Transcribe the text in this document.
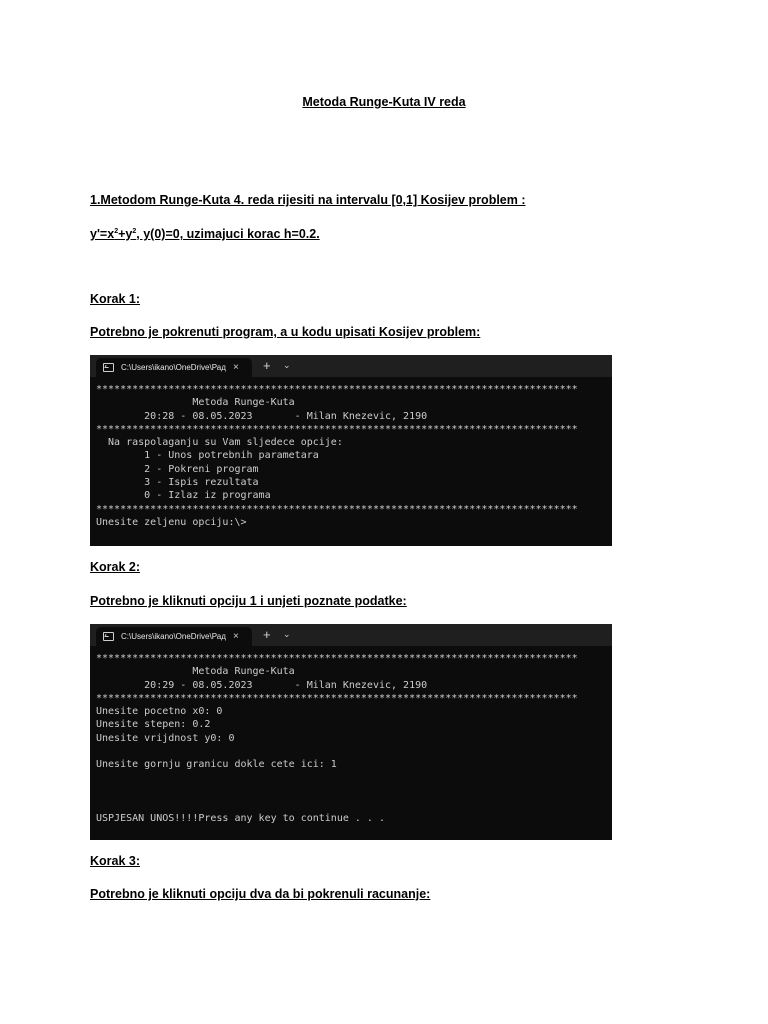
Metoda Runge-Kuta IV reda

1.Metodom Runge-Kuta 4. reda rijesiti na intervalu [0,1] Kosijev problem :

$y'=x^2+y^2$, y(0)=0, uzimajuci korac h=0.2.

Korak 1:

Potrebno je pokrenuti program, a u kodu upisati Kosijev problem:

C:\Users\ikano\OneDrive\Рад × + ⌄
********************************************************************************
Metoda Runge-Kuta
20:28 - 08.05.2023       - Milan Knezevic, 2190
********************************************************************************
Na raspolaganju su Vam sljedece opcije:
1 - Unos potrebnih parametara
2 - Pokreni program
3 - Ispis rezultata
0 - Izlaz iz programa
********************************************************************************
Unesite zeljenu opciju:\>

Korak 2:

Potrebno je kliknuti opciju 1 i unjeti poznate podatke:

C:\Users\ikano\OneDrive\Рад × + ⌄
********************************************************************************
Metoda Runge-Kuta
20:29 - 08.05.2023       - Milan Knezevic, 2190
********************************************************************************
Unesite pocetno x0: 0
Unesite stepen: 0.2
Unesite vrijdnost y0: 0

Unesite gornju granicu dokle cete ici: 1

USPJESAN UNOS!!!!Press any key to continue . . .

Korak 3:

Potrebno je kliknuti opciju dva da bi pokrenuli racunanje:
